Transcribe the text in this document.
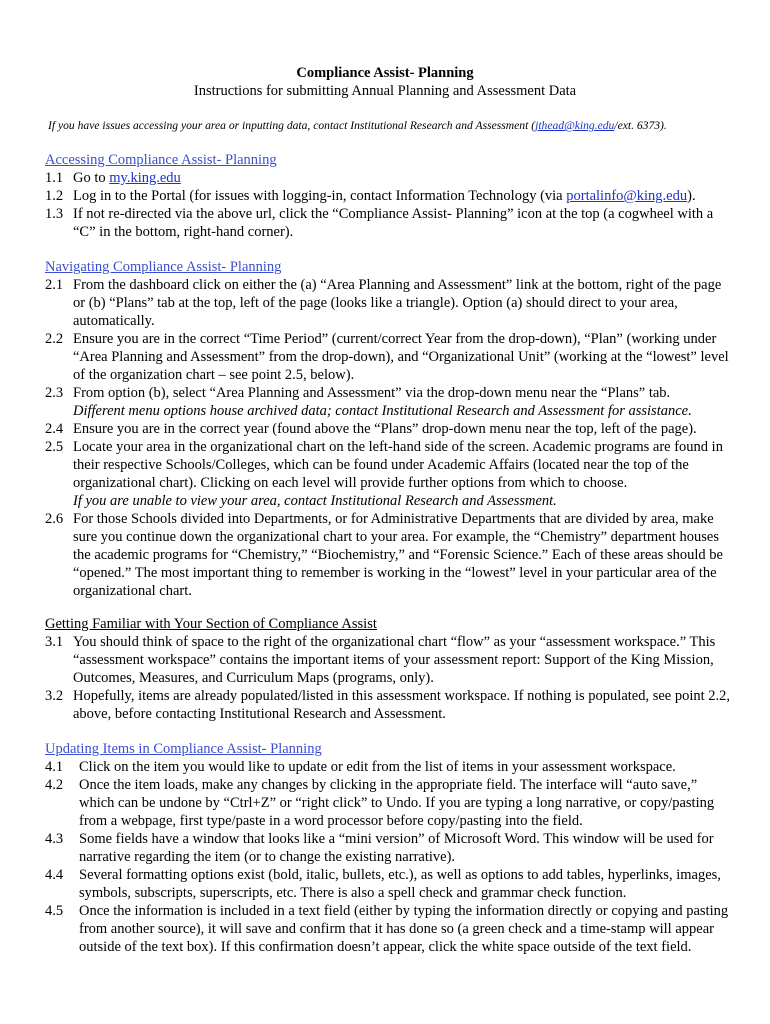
Compliance Assist- Planning
Instructions for submitting Annual Planning and Assessment Data
If you have issues accessing your area or inputting data, contact Institutional Research and Assessment (jthead@king.edu/ext. 6373).
Accessing Compliance Assist- Planning
1.1 Go to my.king.edu
1.2 Log in to the Portal (for issues with logging-in, contact Information Technology (via portalinfo@king.edu).
1.3 If not re-directed via the above url, click the “Compliance Assist- Planning” icon at the top (a cogwheel with a “C” in the bottom, right-hand corner).
Navigating Compliance Assist- Planning
2.1 From the dashboard click on either the (a) “Area Planning and Assessment” link at the bottom, right of the page or (b) “Plans” tab at the top, left of the page (looks like a triangle). Option (a) should direct to your area, automatically.
2.2 Ensure you are in the correct “Time Period” (current/correct Year from the drop-down), “Plan” (working under “Area Planning and Assessment” from the drop-down), and “Organizational Unit” (working at the “lowest” level of the organization chart – see point 2.5, below).
2.3 From option (b), select “Area Planning and Assessment” via the drop-down menu near the “Plans” tab.
Different menu options house archived data; contact Institutional Research and Assessment for assistance.
2.4 Ensure you are in the correct year (found above the “Plans” drop-down menu near the top, left of the page).
2.5 Locate your area in the organizational chart on the left-hand side of the screen. Academic programs are found in their respective Schools/Colleges, which can be found under Academic Affairs (located near the top of the organizational chart). Clicking on each level will provide further options from which to choose.
If you are unable to view your area, contact Institutional Research and Assessment.
2.6 For those Schools divided into Departments, or for Administrative Departments that are divided by area, make sure you continue down the organizational chart to your area. For example, the “Chemistry” department houses the academic programs for “Chemistry,” “Biochemistry,” and “Forensic Science.” Each of these areas should be “opened.” The most important thing to remember is working in the “lowest” level in your particular area of the organizational chart.
Getting Familiar with Your Section of Compliance Assist
3.1 You should think of space to the right of the organizational chart “flow” as your “assessment workspace.” This “assessment workspace” contains the important items of your assessment report: Support of the King Mission, Outcomes, Measures, and Curriculum Maps (programs, only).
3.2 Hopefully, items are already populated/listed in this assessment workspace. If nothing is populated, see point 2.2, above, before contacting Institutional Research and Assessment.
Updating Items in Compliance Assist- Planning
4.1	Click on the item you would like to update or edit from the list of items in your assessment workspace.
4.2	Once the item loads, make any changes by clicking in the appropriate field. The interface will “auto save,” which can be undone by “Ctrl+Z” or “right click” to Undo. If you are typing a long narrative, or copy/pasting from a webpage, first type/paste in a word processor before copy/pasting into the field.
4.3	Some fields have a window that looks like a “mini version” of Microsoft Word. This window will be used for narrative regarding the item (or to change the existing narrative).
4.4	Several formatting options exist (bold, italic, bullets, etc.), as well as options to add tables, hyperlinks, images, symbols, subscripts, superscripts, etc. There is also a spell check and grammar check function.
4.5	Once the information is included in a text field (either by typing the information directly or copying and pasting from another source), it will save and confirm that it has done so (a green check and a time-stamp will appear outside of the text box). If this confirmation doesn’t appear, click the white space outside of the text field.
